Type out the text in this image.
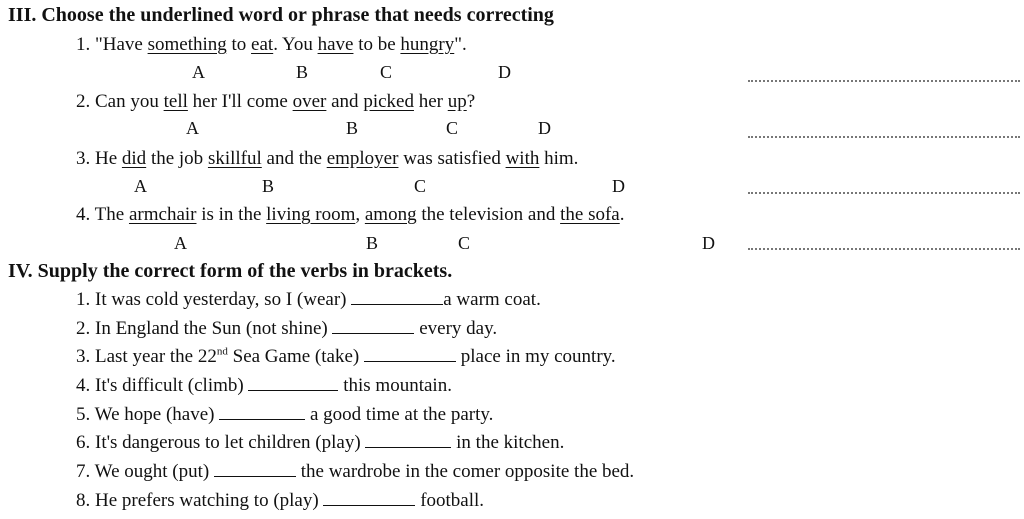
III. Choose the underlined word or phrase that needs correcting
1. "Have something to eat. You have to be hungry".
A	B	C	D
2. Can you tell her I'll come over and picked her up?
A	B	C	D
3. He did the job skillful and the employer was satisfied with him.
A	B	C	D
4. The armchair is in the living room, among the television and the sofa.
A	B	C	D
IV. Supply the correct form of the verbs in brackets.
1. It was cold yesterday, so I (wear)	a warm coat.
2. In England the Sun (not shine)	every day.
3. Last year the 22nd Sea Game (take)	place in my country.
4. It's difficult (climb)	this mountain.
5. We hope (have)	a good time at the party.
6. It's dangerous to let children (play)	in the kitchen.
7. We ought (put)	the wardrobe in the comer opposite the bed.
8. He prefers watching to (play)	football.
